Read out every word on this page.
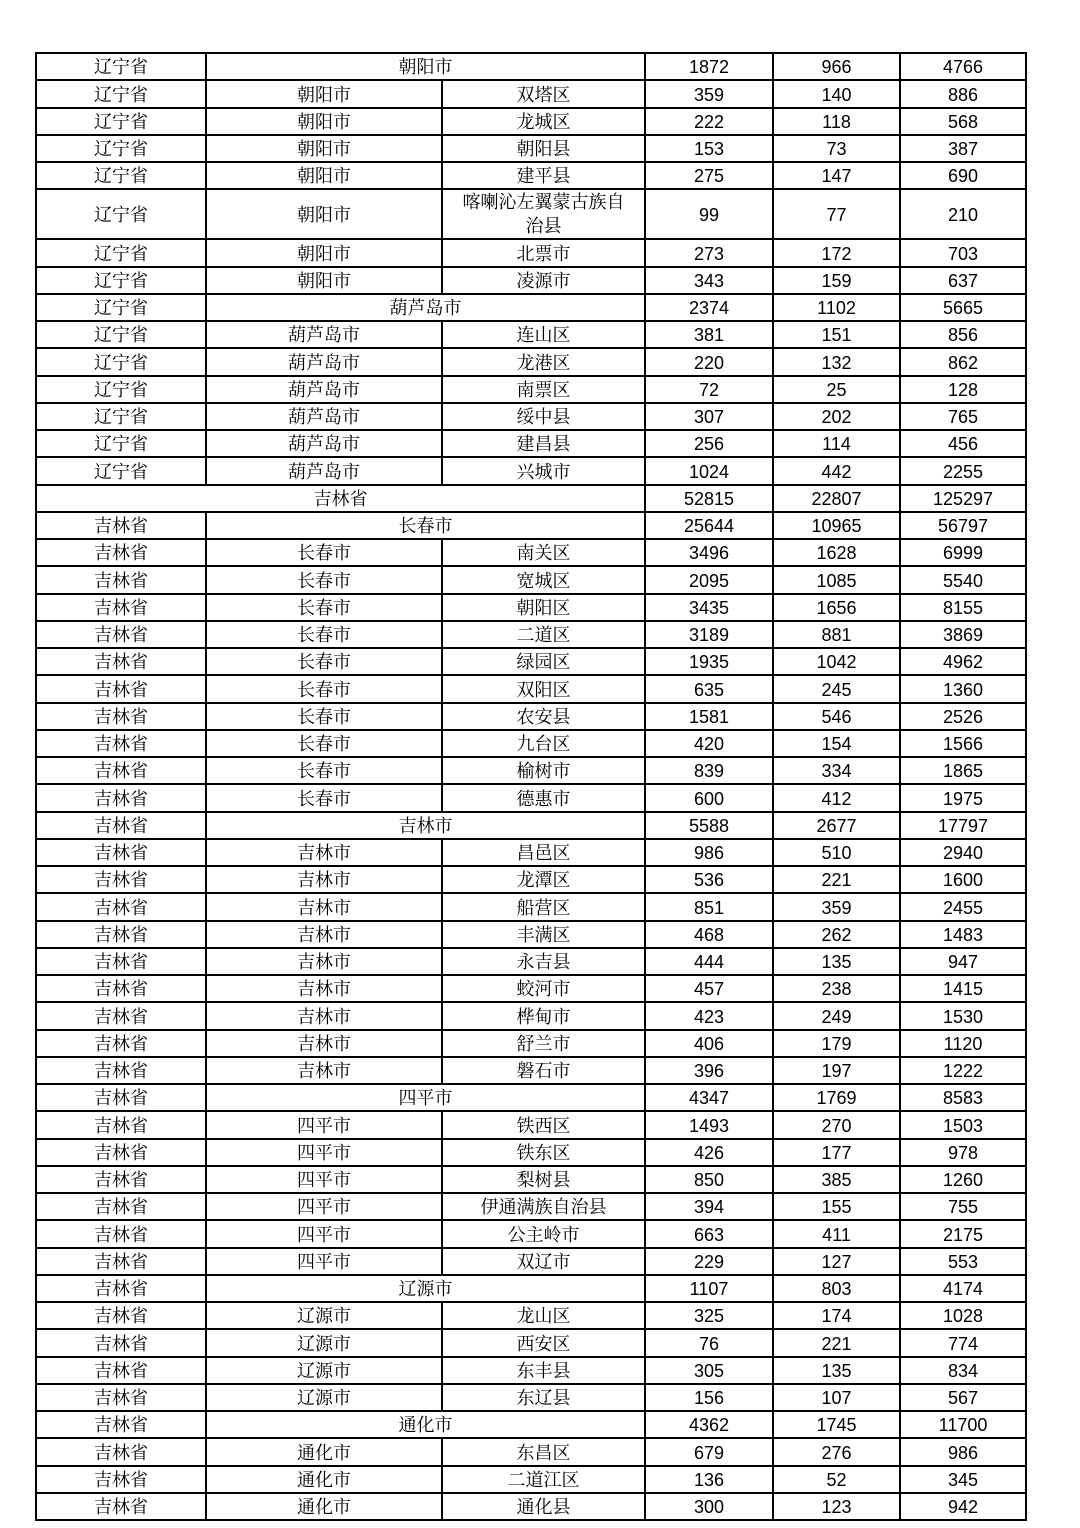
辽宁省	朝阳市		1872	966	4766
辽宁省	朝阳市	双塔区	359	140	886
辽宁省	朝阳市	龙城区	222	118	568
辽宁省	朝阳市	朝阳县	153	73	387
辽宁省	朝阳市	建平县	275	147	690
辽宁省	朝阳市	喀喇沁左翼蒙古族自治县	99	77	210
辽宁省	朝阳市	北票市	273	172	703
辽宁省	朝阳市	凌源市	343	159	637
辽宁省	葫芦岛市		2374	1102	5665
辽宁省	葫芦岛市	连山区	381	151	856
辽宁省	葫芦岛市	龙港区	220	132	862
辽宁省	葫芦岛市	南票区	72	25	128
辽宁省	葫芦岛市	绥中县	307	202	765
辽宁省	葫芦岛市	建昌县	256	114	456
辽宁省	葫芦岛市	兴城市	1024	442	2255
吉林省			52815	22807	125297
吉林省	长春市		25644	10965	56797
吉林省	长春市	南关区	3496	1628	6999
吉林省	长春市	宽城区	2095	1085	5540
吉林省	长春市	朝阳区	3435	1656	8155
吉林省	长春市	二道区	3189	881	3869
吉林省	长春市	绿园区	1935	1042	4962
吉林省	长春市	双阳区	635	245	1360
吉林省	长春市	农安县	1581	546	2526
吉林省	长春市	九台区	420	154	1566
吉林省	长春市	榆树市	839	334	1865
吉林省	长春市	德惠市	600	412	1975
吉林省	吉林市		5588	2677	17797
吉林省	吉林市	昌邑区	986	510	2940
吉林省	吉林市	龙潭区	536	221	1600
吉林省	吉林市	船营区	851	359	2455
吉林省	吉林市	丰满区	468	262	1483
吉林省	吉林市	永吉县	444	135	947
吉林省	吉林市	蛟河市	457	238	1415
吉林省	吉林市	桦甸市	423	249	1530
吉林省	吉林市	舒兰市	406	179	1120
吉林省	吉林市	磐石市	396	197	1222
吉林省	四平市		4347	1769	8583
吉林省	四平市	铁西区	1493	270	1503
吉林省	四平市	铁东区	426	177	978
吉林省	四平市	梨树县	850	385	1260
吉林省	四平市	伊通满族自治县	394	155	755
吉林省	四平市	公主岭市	663	411	2175
吉林省	四平市	双辽市	229	127	553
吉林省	辽源市		1107	803	4174
吉林省	辽源市	龙山区	325	174	1028
吉林省	辽源市	西安区	76	221	774
吉林省	辽源市	东丰县	305	135	834
吉林省	辽源市	东辽县	156	107	567
吉林省	通化市		4362	1745	11700
吉林省	通化市	东昌区	679	276	986
吉林省	通化市	二道江区	136	52	345
吉林省	通化市	通化县	300	123	942
